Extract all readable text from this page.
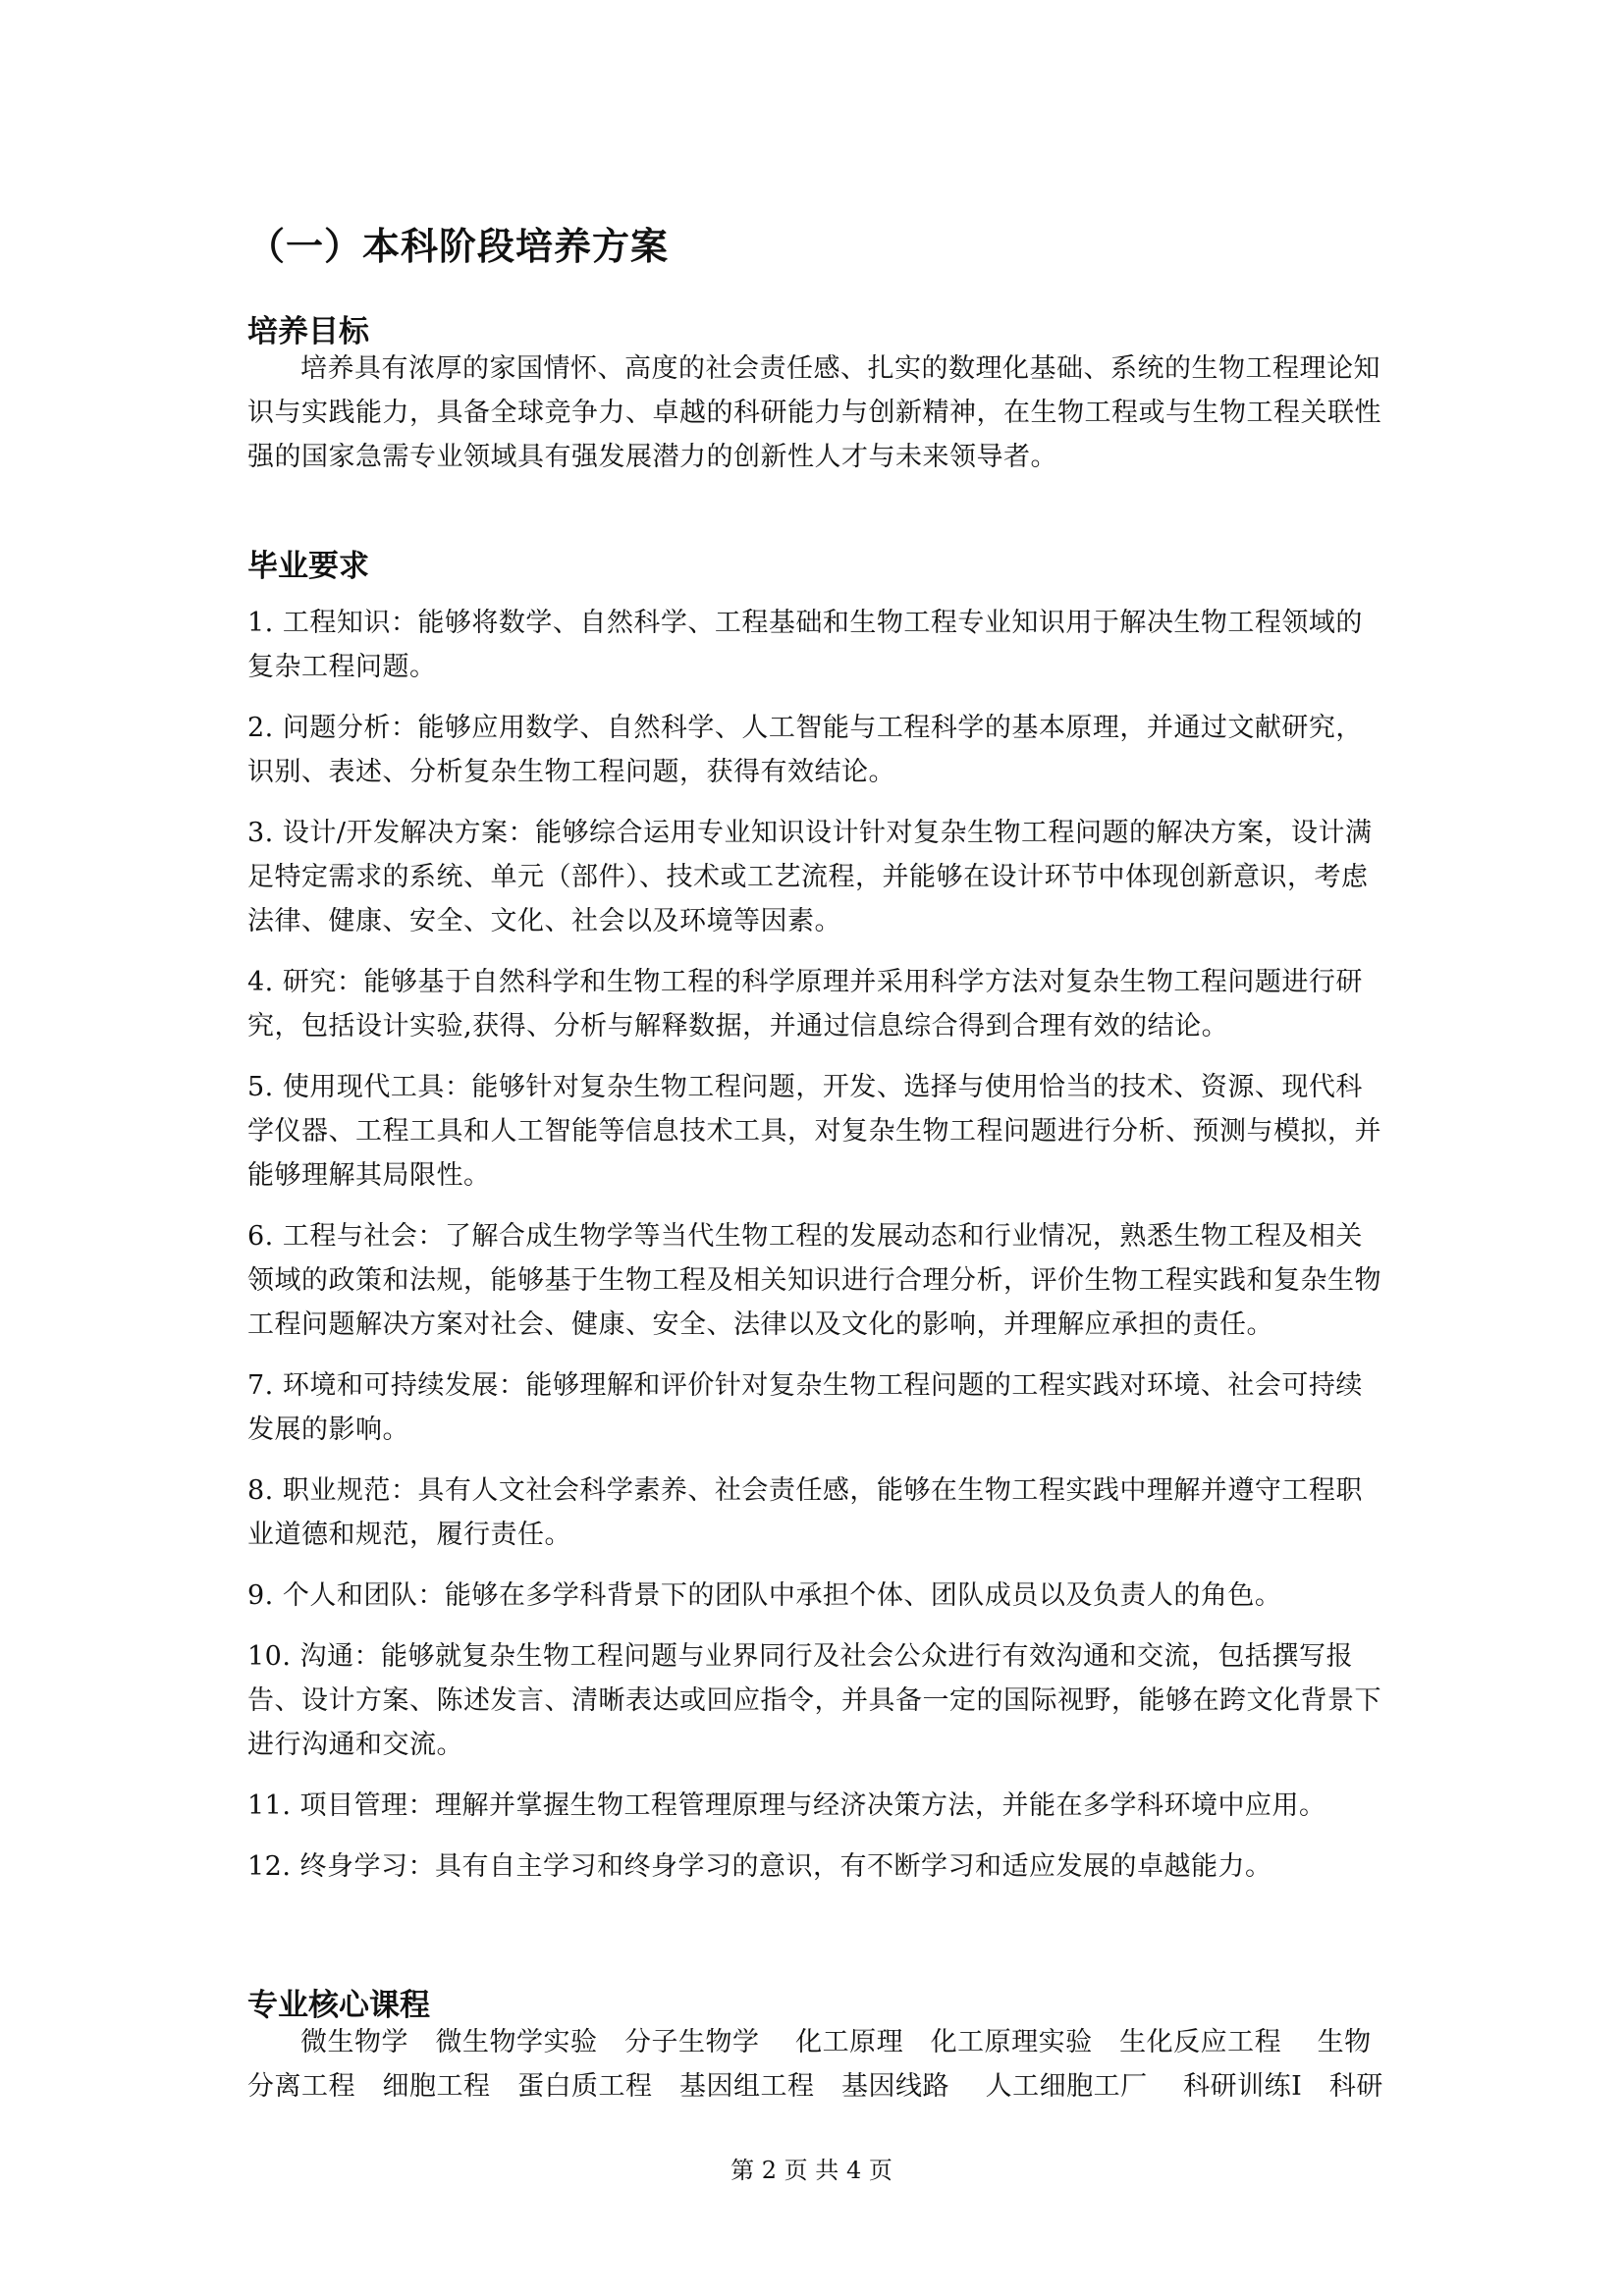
（一）本科阶段培养方案
培养目标
培养具有浓厚的家国情怀、高度的社会责任感、扎实的数理化基础、系统的生物工程理论知识与实践能力，具备全球竞争力、卓越的科研能力与创新精神，在生物工程或与生物工程关联性强的国家急需专业领域具有强发展潜力的创新性人才与未来领导者。
毕业要求
1. 工程知识：能够将数学、自然科学、工程基础和生物工程专业知识用于解决生物工程领域的复杂工程问题。
2. 问题分析：能够应用数学、自然科学、人工智能与工程科学的基本原理，并通过文献研究，识别、表述、分析复杂生物工程问题，获得有效结论。
3. 设计/开发解决方案：能够综合运用专业知识设计针对复杂生物工程问题的解决方案，设计满足特定需求的系统、单元（部件）、技术或工艺流程，并能够在设计环节中体现创新意识，考虑法律、健康、安全、文化、社会以及环境等因素。
4. 研究：能够基于自然科学和生物工程的科学原理并采用科学方法对复杂生物工程问题进行研究，包括设计实验,获得、分析与解释数据，并通过信息综合得到合理有效的结论。
5. 使用现代工具：能够针对复杂生物工程问题，开发、选择与使用恰当的技术、资源、现代科学仪器、工程工具和人工智能等信息技术工具，对复杂生物工程问题进行分析、预测与模拟，并能够理解其局限性。
6. 工程与社会：了解合成生物学等当代生物工程的发展动态和行业情况，熟悉生物工程及相关领域的政策和法规，能够基于生物工程及相关知识进行合理分析，评价生物工程实践和复杂生物工程问题解决方案对社会、健康、安全、法律以及文化的影响，并理解应承担的责任。
7. 环境和可持续发展：能够理解和评价针对复杂生物工程问题的工程实践对环境、社会可持续发展的影响。
8. 职业规范：具有人文社会科学素养、社会责任感，能够在生物工程实践中理解并遵守工程职业道德和规范，履行责任。
9. 个人和团队：能够在多学科背景下的团队中承担个体、团队成员以及负责人的角色。
10. 沟通：能够就复杂生物工程问题与业界同行及社会公众进行有效沟通和交流，包括撰写报告、设计方案、陈述发言、清晰表达或回应指令，并具备一定的国际视野，能够在跨文化背景下进行沟通和交流。
11. 项目管理：理解并掌握生物工程管理原理与经济决策方法，并能在多学科环境中应用。
12. 终身学习：具有自主学习和终身学习的意识，有不断学习和适应发展的卓越能力。
专业核心课程
微生物学　微生物学实验　分子生物学　 化工原理　化工原理实验　生化反应工程　 生物分离工程　细胞工程　蛋白质工程　基因组工程　基因线路　 人工细胞工厂　 科研训练Ⅰ　科研
第 2 页 共 4 页
